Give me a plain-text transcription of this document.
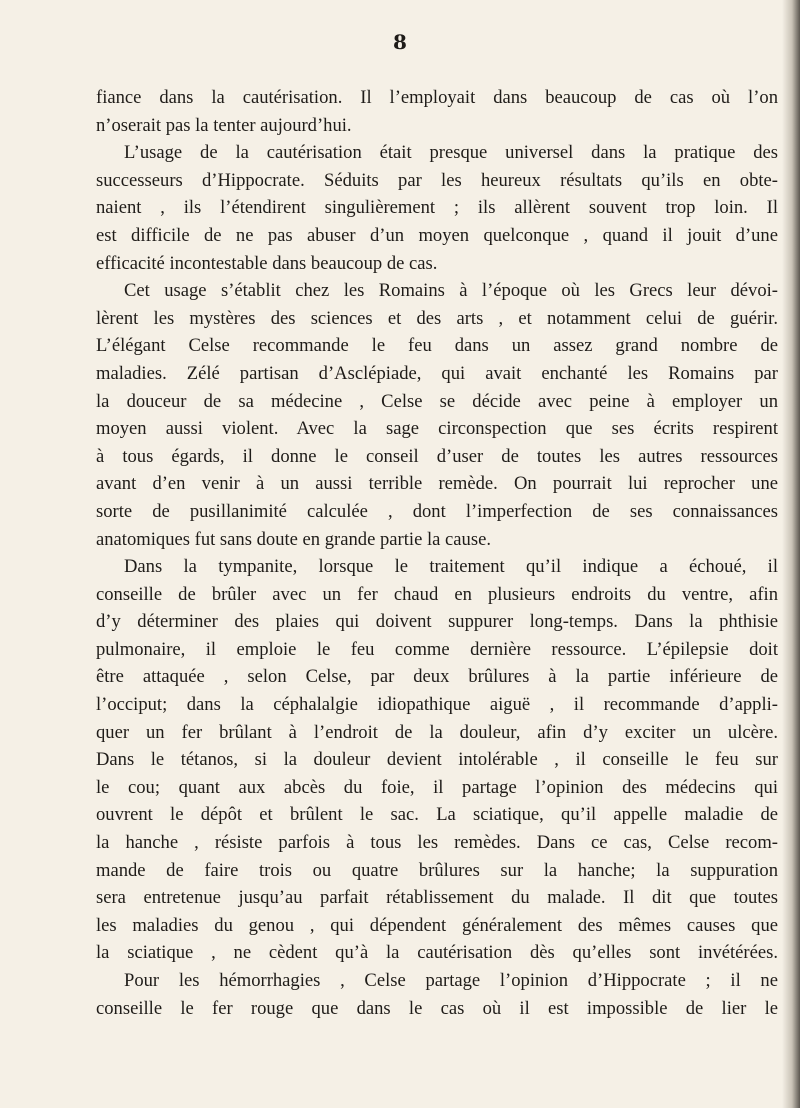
8
fiance dans la cautérisation. Il l’employait dans beaucoup de cas où l’on
n’oserait pas la tenter aujourd’hui.
L’usage de la cautérisation était presque universel dans la pratique des
successeurs d’Hippocrate. Séduits par les heureux résultats qu’ils en obte-
naient , ils l’étendirent singulièrement ; ils allèrent souvent trop loin. Il
est difficile de ne pas abuser d’un moyen quelconque , quand il jouit d’une
efficacité incontestable dans beaucoup de cas.
Cet usage s’établit chez les Romains à l’époque où les Grecs leur dévoi-
lèrent les mystères des sciences et des arts , et notamment celui de guérir.
L’élégant Celse recommande le feu dans un assez grand nombre de
maladies. Zélé partisan d’Asclépiade, qui avait enchanté les Romains par
la douceur de sa médecine , Celse se décide avec peine à employer un
moyen aussi violent. Avec la sage circonspection que ses écrits respirent
à tous égards, il donne le conseil d’user de toutes les autres ressources
avant d’en venir à un aussi terrible remède. On pourrait lui reprocher une
sorte de pusillanimité calculée , dont l’imperfection de ses connaissances
anatomiques fut sans doute en grande partie la cause.
Dans la tympanite, lorsque le traitement qu’il indique a échoué, il
conseille de brûler avec un fer chaud en plusieurs endroits du ventre, afin
d’y déterminer des plaies qui doivent suppurer long-temps. Dans la phthisie
pulmonaire, il emploie le feu comme dernière ressource. L’épilepsie doit
être attaquée , selon Celse, par deux brûlures à la partie inférieure de
l’occiput; dans la céphalalgie idiopathique aiguë , il recommande d’appli-
quer un fer brûlant à l’endroit de la douleur, afin d’y exciter un ulcère.
Dans le tétanos, si la douleur devient intolérable , il conseille le feu sur
le cou; quant aux abcès du foie, il partage l’opinion des médecins qui
ouvrent le dépôt et brûlent le sac. La sciatique, qu’il appelle maladie de
la hanche , résiste parfois à tous les remèdes. Dans ce cas, Celse recom-
mande de faire trois ou quatre brûlures sur la hanche; la suppuration
sera entretenue jusqu’au parfait rétablissement du malade. Il dit que toutes
les maladies du genou , qui dépendent généralement des mêmes causes que
la sciatique , ne cèdent qu’à la cautérisation dès qu’elles sont invétérées.
Pour les hémorrhagies , Celse partage l’opinion d’Hippocrate ; il ne
conseille le fer rouge que dans le cas où il est impossible de lier le
